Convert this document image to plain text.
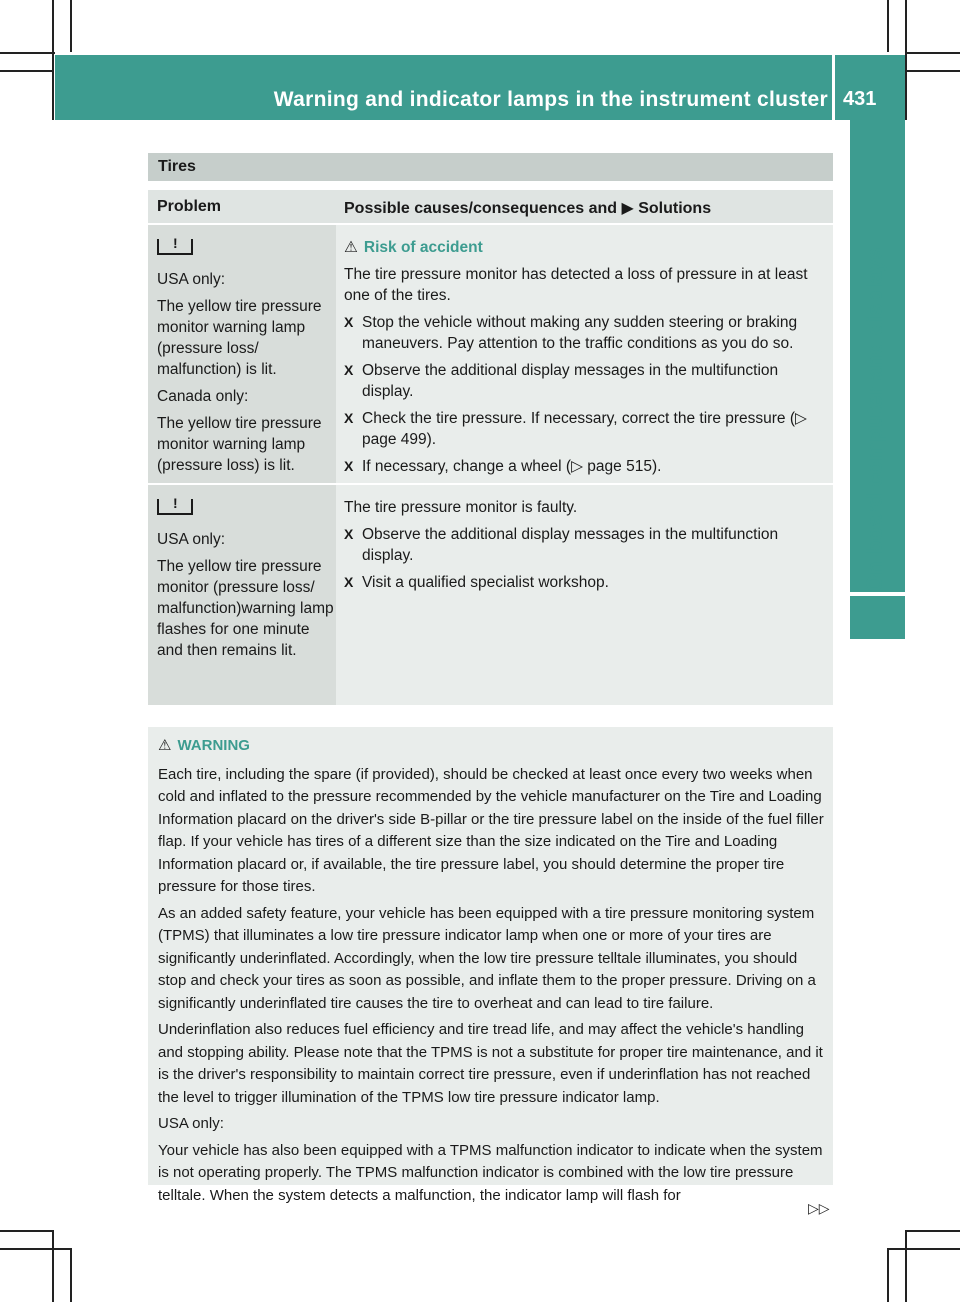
Warning and indicator lamps in the instrument cluster 431
On-board computer and displays
Tires
Problem	Possible causes/consequences and ▶ Solutions
!

USA only:

The yellow tire pressure monitor warning lamp (pressure loss/ malfunction) is lit.

Canada only:

The yellow tire pressure monitor warning lamp (pressure loss) is lit.

⚠ Risk of accident

The tire pressure monitor has detected a loss of pressure in at least one of the tires.

X Stop the vehicle without making any sudden steering or braking maneuvers. Pay attention to the traffic conditions as you do so.

X Observe the additional display messages in the multifunction display.

X Check the tire pressure. If necessary, correct the tire pressure (▷ page 499).

X If necessary, change a wheel (▷ page 515).

!

USA only:

The yellow tire pressure monitor (pressure loss/ malfunction)warning lamp flashes for one minute and then remains lit.

The tire pressure monitor is faulty.

X Observe the additional display messages in the multifunction display.

X Visit a qualified specialist workshop.

⚠ WARNING

Each tire, including the spare (if provided), should be checked at least once every two weeks when cold and inflated to the pressure recommended by the vehicle manufacturer on the Tire and Loading Information placard on the driver's side B-pillar or the tire pressure label on the inside of the fuel filler flap. If your vehicle has tires of a different size than the size indicated on the Tire and Loading Information placard or, if available, the tire pressure label, you should determine the proper tire pressure for those tires.

As an added safety feature, your vehicle has been equipped with a tire pressure monitoring system (TPMS) that illuminates a low tire pressure indicator lamp when one or more of your tires are significantly underinflated. Accordingly, when the low tire pressure telltale illuminates, you should stop and check your tires as soon as possible, and inflate them to the proper pressure. Driving on a significantly underinflated tire causes the tire to overheat and can lead to tire failure.

Underinflation also reduces fuel efficiency and tire tread life, and may affect the vehicle's handling and stopping ability. Please note that the TPMS is not a substitute for proper tire maintenance, and it is the driver's responsibility to maintain correct tire pressure, even if underinflation has not reached the level to trigger illumination of the TPMS low tire pressure indicator lamp.

USA only:

Your vehicle has also been equipped with a TPMS malfunction indicator to indicate when the system is not operating properly. The TPMS malfunction indicator is combined with the low tire pressure telltale. When the system detects a malfunction, the indicator lamp will flash for

▷▷
